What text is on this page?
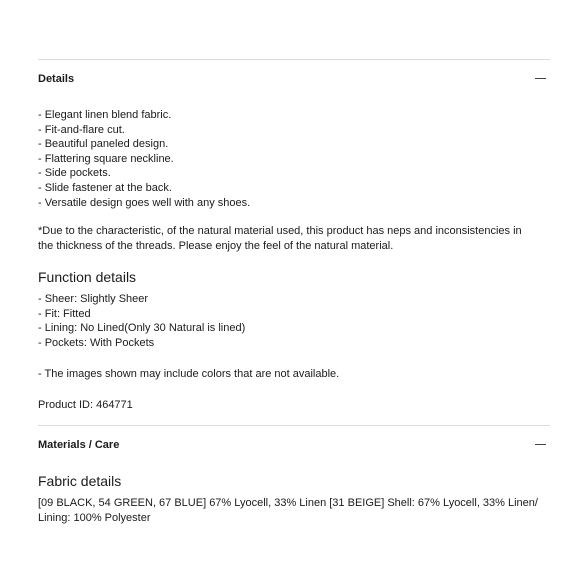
Details
- Elegant linen blend fabric.
- Fit-and-flare cut.
- Beautiful paneled design.
- Flattering square neckline.
- Side pockets.
- Slide fastener at the back.
- Versatile design goes well with any shoes.
*Due to the characteristic, of the natural material used, this product has neps and inconsistencies in the thickness of the threads. Please enjoy the feel of the natural material.
Function details
- Sheer: Slightly Sheer
- Fit: Fitted
- Lining: No Lined(Only 30 Natural is lined)
- Pockets: With Pockets
- The images shown may include colors that are not available.
Product ID: 464771
Materials / Care
Fabric details
[09 BLACK, 54 GREEN, 67 BLUE] 67% Lyocell, 33% Linen [31 BEIGE] Shell: 67% Lyocell, 33% Linen/ Lining: 100% Polyester
